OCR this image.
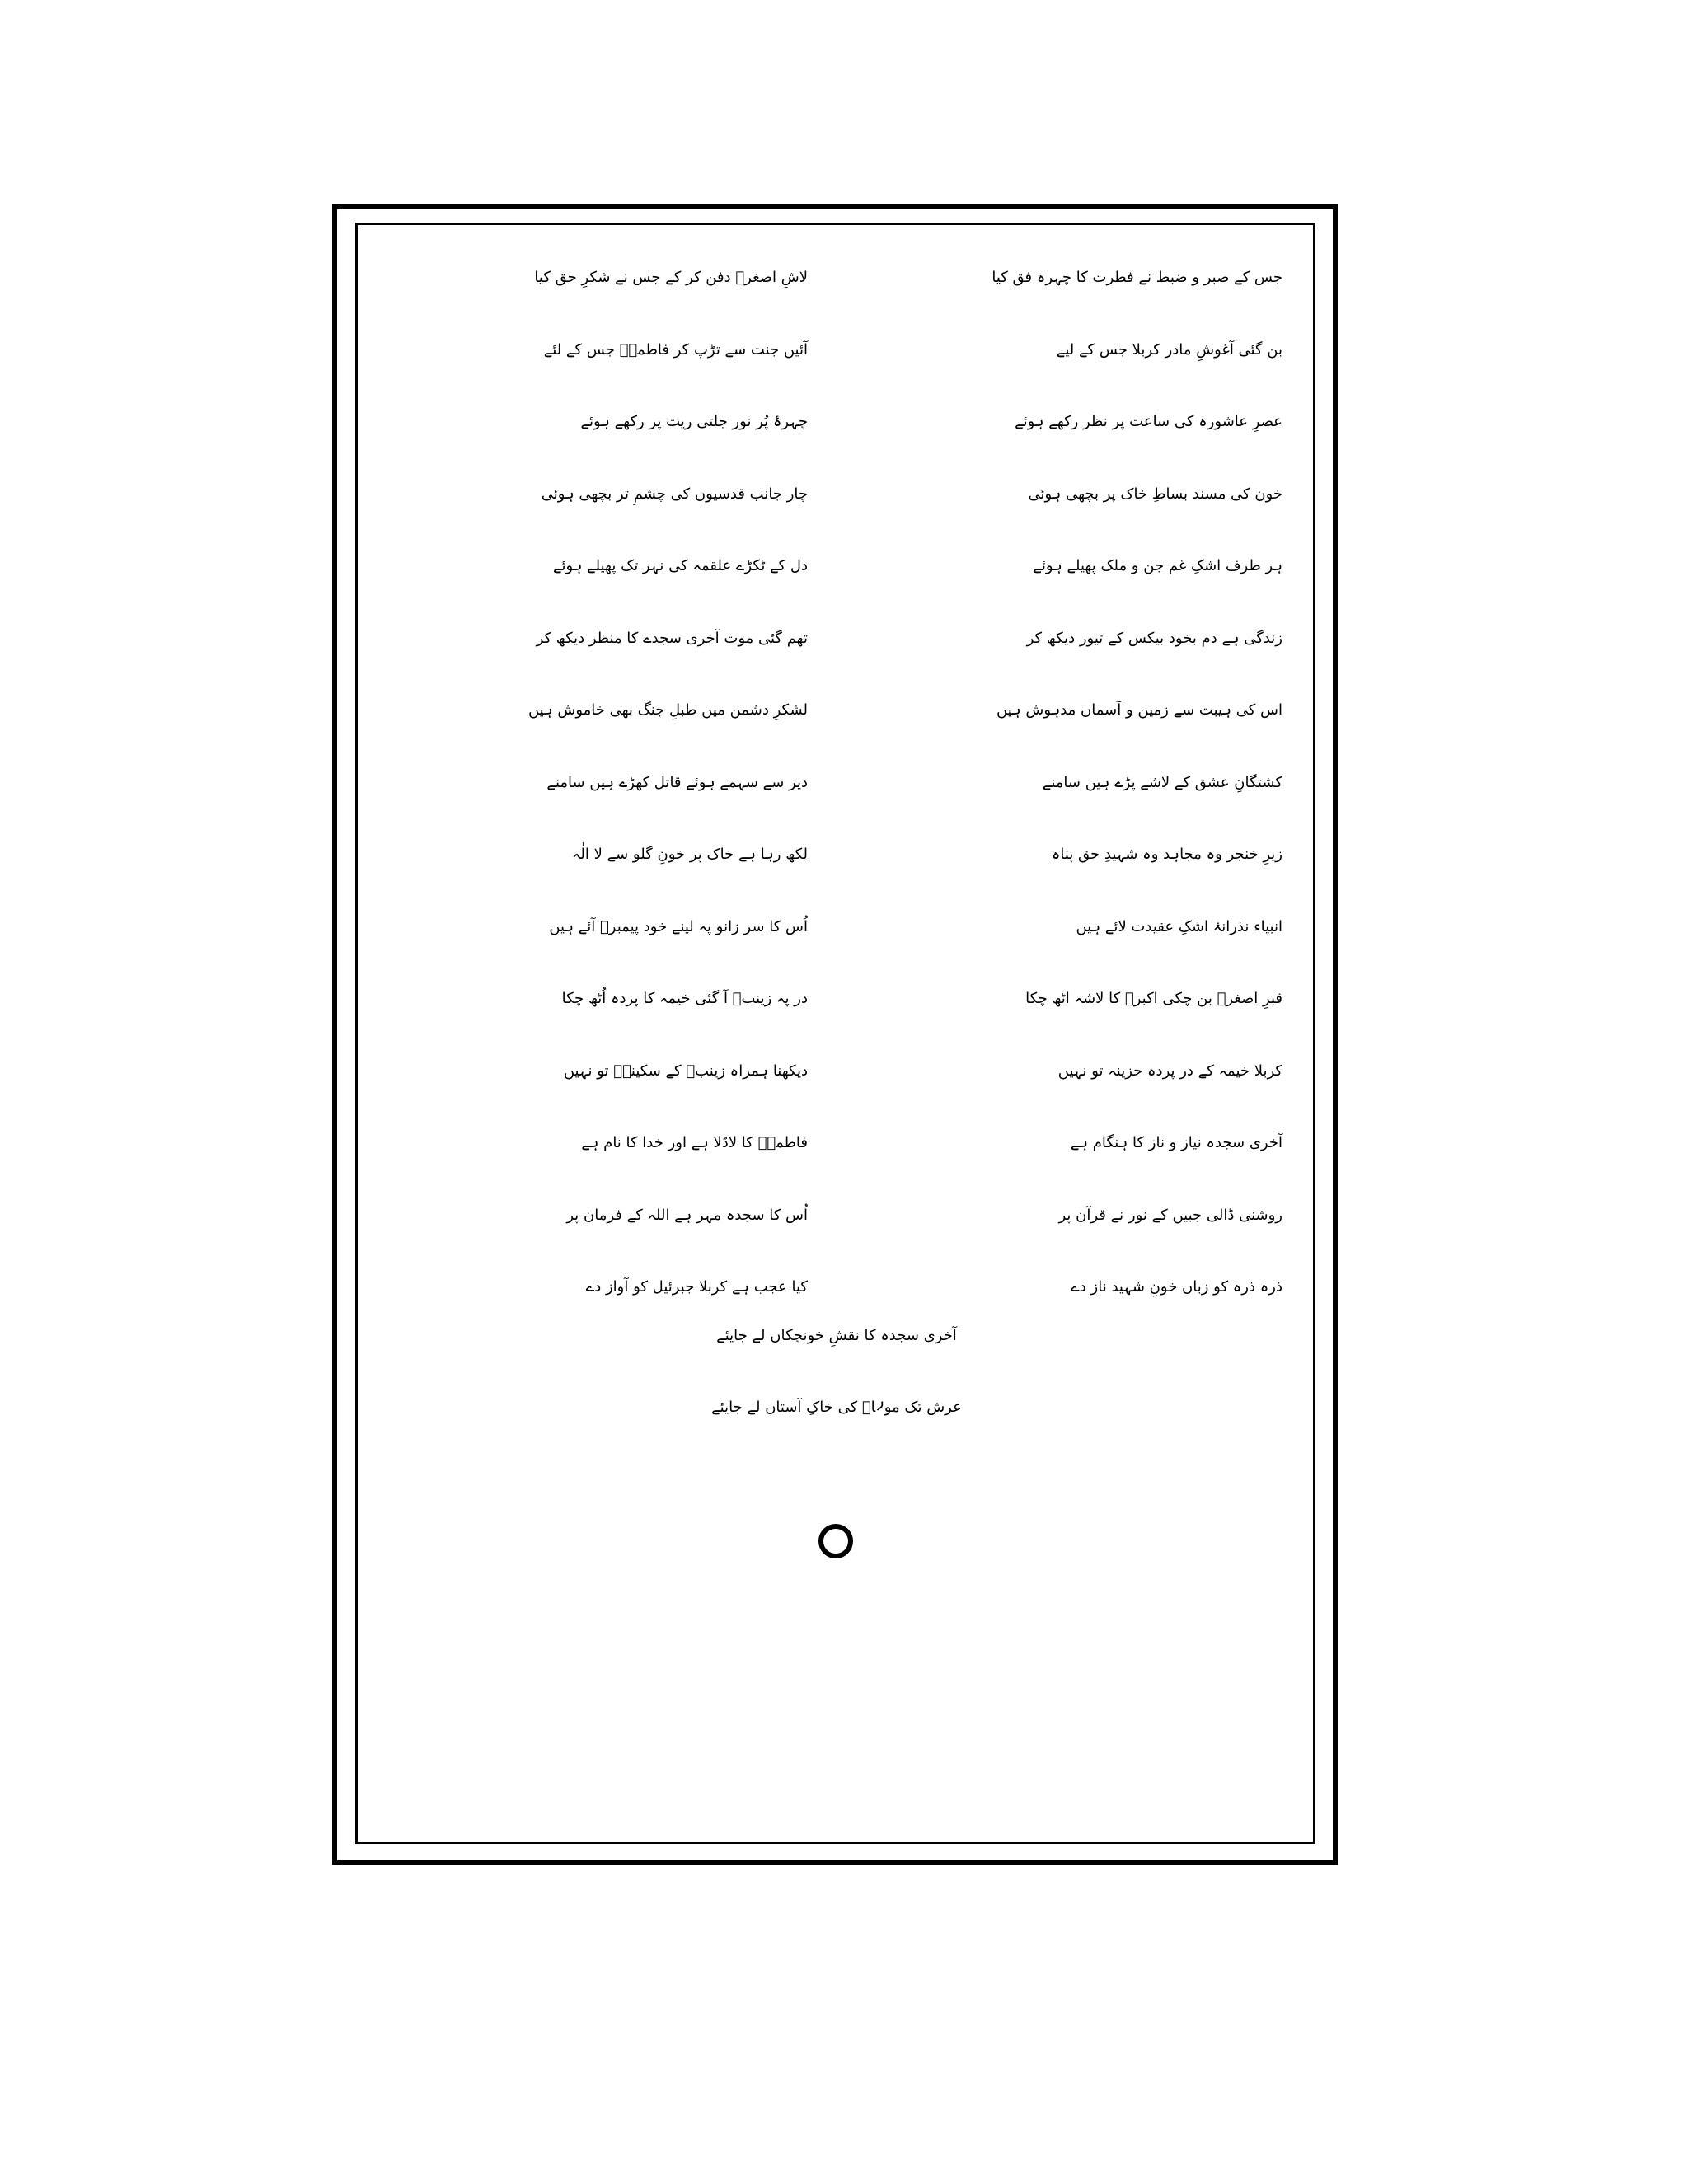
جس کے صبر و ضبط نے فطرت کا چہرہ فق کیا
لاشِ اصغرؑ دفن کر کے جس نے شکرِ حق کیا
بن گئی آغوشِ مادر کربلا جس کے لیے
آئیں جنت سے تڑپ کر فاطمہؑ جس کے لئے
عصرِ عاشورہ کی ساعت پر نظر رکھے ہوئے
چہرۂ پُر نور جلتی ریت پر رکھے ہوئے
خون کی مسند بساطِ خاک پر بچھی ہوئی
چار جانب قدسیوں کی چشمِ تر بچھی ہوئی
ہر طرف اشکِ غم جن و ملک پھیلے ہوئے
دل کے ٹکڑے علقمہ کی نہر تک پھیلے ہوئے
زندگی ہے دم بخود بیکس کے تیور دیکھ کر
تھم گئی موت آخری سجدے کا منظر دیکھ کر
اس کی ہیبت سے زمین و آسماں مدہوش ہیں
لشکرِ دشمن میں طبلِ جنگ بھی خاموش ہیں
کشتگانِ عشق کے لاشے پڑے ہیں سامنے
دیر سے سہمے ہوئے قاتل کھڑے ہیں سامنے
زیرِ خنجر وہ مجاہد وہ شہیدِ حق پناہ
لکھ رہا ہے خاک پر خونِ گلو سے لا الٰہ
انبیاء نذرانۂ اشکِ عقیدت لائے ہیں
اُس کا سر زانو پہ لینے خود پیمبرؐ آئے ہیں
قبرِ اصغرؑ بن چکی اکبرؑ کا لاشہ اٹھ چکا
در پہ زینبؑ آ گئی خیمہ کا پردہ اُٹھ چکا
کربلا خیمہ کے در پردہ حزینہ تو نہیں
دیکھنا ہمراہ زینبؑ کے سکینہؑ تو نہیں
آخری سجدہ نیاز و ناز کا ہنگام ہے
فاطمہؑ کا لاڈلا ہے اور خدا کا نام ہے
روشنی ڈالی جبیں کے نور نے قرآن پر
اُس کا سجدہ مہر ہے اللہ کے فرمان پر
ذرہ ذرہ کو زباں خونِ شہید ناز دے
کیا عجب ہے کربلا جبرئیل کو آواز دے
آخری سجدہ کا نقشِ خونچکاں لے جایئے
عرش تک مولاؑ کی خاکِ آستاں لے جایئے
